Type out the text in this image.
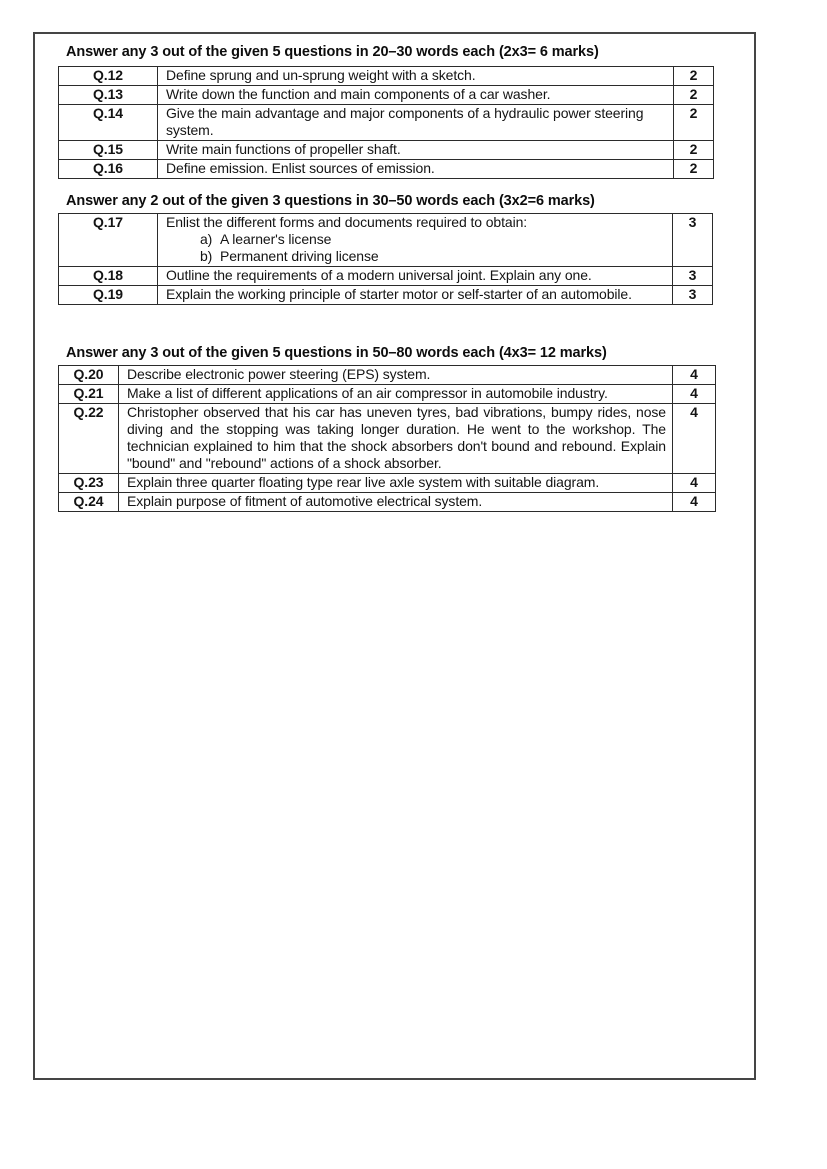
Answer any 3 out of the given 5 questions in 20–30 words each (2x3= 6 marks)
Q.12	Define sprung and un-sprung weight with a sketch.	2
Q.13	Write down the function and main components of a car washer.	2
Q.14	Give the main advantage and major components of a hydraulic power steering system.	2
Q.15	Write main functions of propeller shaft.	2
Q.16	Define emission. Enlist sources of emission.	2
Answer any 2 out of the given 3 questions in 30–50 words each (3x2=6 marks)
Q.17	Enlist the different forms and documents required to obtain:
a) A learner's license
b) Permanent driving license	3
Q.18	Outline the requirements of a modern universal joint. Explain any one.	3
Q.19	Explain the working principle of starter motor or self-starter of an automobile.	3
Answer any 3 out of the given 5 questions in 50–80 words each (4x3= 12 marks)
Q.20	Describe electronic power steering (EPS) system.	4
Q.21	Make a list of different applications of an air compressor in automobile industry.	4
Q.22	Christopher observed that his car has uneven tyres, bad vibrations, bumpy rides, nose diving and the stopping was taking longer duration. He went to the workshop. The technician explained to him that the shock absorbers don't bound and rebound. Explain "bound" and "rebound" actions of a shock absorber.	4
Q.23	Explain three quarter floating type rear live axle system with suitable diagram.	4
Q.24	Explain purpose of fitment of automotive electrical system.	4
